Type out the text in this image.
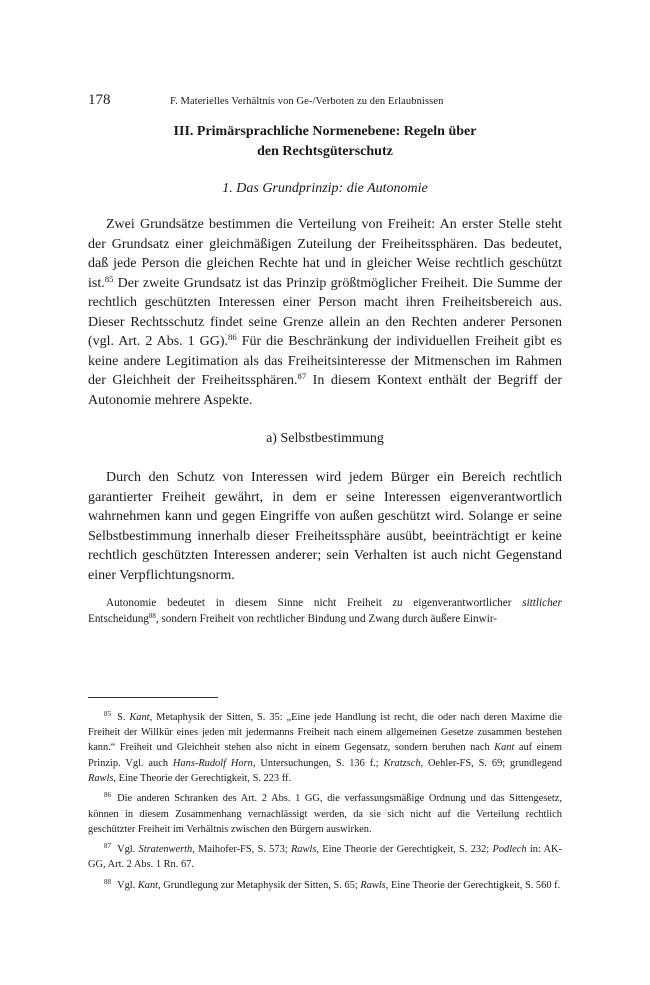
178	F. Materielles Verhältnis von Ge-/Verboten zu den Erlaubnissen
III. Primärsprachliche Normenebene: Regeln über
den Rechtsgüterschutz
1. Das Grundprinzip: die Autonomie

Zwei Grundsätze bestimmen die Verteilung von Freiheit: An erster Stelle steht der Grundsatz einer gleichmäßigen Zuteilung der Freiheitssphären. Das bedeutet, daß jede Person die gleichen Rechte hat und in gleicher Weise rechtlich geschützt ist.$^{85}$ Der zweite Grundsatz ist das Prinzip größtmöglicher Freiheit. Die Summe der rechtlich geschützten Interessen einer Person macht ihren Freiheitsbereich aus. Dieser Rechtsschutz findet seine Grenze allein an den Rechten anderer Personen (vgl. Art. 2 Abs. 1 GG).$^{86}$ Für die Beschränkung der individuellen Freiheit gibt es keine andere Legitimation als das Freiheitsinteresse der Mitmenschen im Rahmen der Gleichheit der Freiheitssphären.$^{87}$ In diesem Kontext enthält der Begriff der Autonomie mehrere Aspekte.

a) Selbstbestimmung

Durch den Schutz von Interessen wird jedem Bürger ein Bereich rechtlich garantierter Freiheit gewährt, in dem er seine Interessen eigenverantwortlich wahrnehmen kann und gegen Eingriffe von außen geschützt wird. Solange er seine Selbstbestimmung innerhalb dieser Freiheitssphäre ausübt, beeinträchtigt er keine rechtlich geschützten Interessen anderer; sein Verhalten ist auch nicht Gegenstand einer Verpflichtungsnorm.

Autonomie bedeutet in diesem Sinne nicht Freiheit zu eigenverantwortlicher sittlicher Entscheidung$^{88}$, sondern Freiheit von rechtlicher Bindung und Zwang durch äußere Einwir-

$^{85}$ S. Kant, Metaphysik der Sitten, S. 35: „Eine jede Handlung ist recht, die oder nach deren Maxime die Freiheit der Willkür eines jeden mit jedermanns Freiheit nach einem allgemeinen Gesetze zusammen bestehen kann.“ Freiheit und Gleichheit stehen also nicht in einem Gegensatz, sondern beruhen nach Kant auf einem Prinzip. Vgl. auch Hans-Rudolf Horn, Untersuchungen, S. 136 f.; Kratzsch, Oehler-FS, S. 69; grundlegend Rawls, Eine Theorie der Gerechtigkeit, S. 223 ff.

$^{86}$ Die anderen Schranken des Art. 2 Abs. 1 GG, die verfassungsmäßige Ordnung und das Sittengesetz, können in diesem Zusammenhang vernachlässigt werden, da sie sich nicht auf die Verteilung rechtlich geschützter Freiheit im Verhältnis zwischen den Bürgern auswirken.

$^{87}$ Vgl. Stratenwerth, Maihofer-FS, S. 573; Rawls, Eine Theorie der Gerechtigkeit, S. 232; Podlech in: AK-GG, Art. 2 Abs. 1 Rn. 67.

$^{88}$ Vgl. Kant, Grundlegung zur Metaphysik der Sitten, S. 65; Rawls, Eine Theorie der Gerechtigkeit, S. 560 f.
